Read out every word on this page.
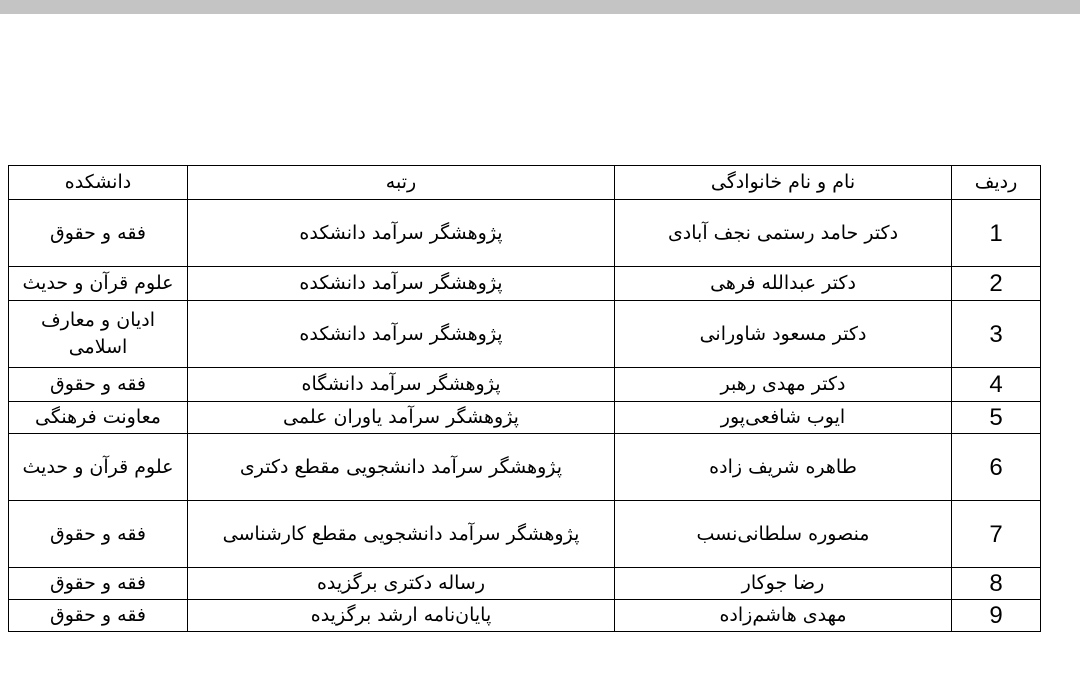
ردیف	نام و نام خانوادگی	رتبه	دانشکده
1	دکتر حامد رستمی نجف آبادی	پژوهشگر سرآمد دانشکده	فقه و حقوق
2	دکتر عبدالله فرهی	پژوهشگر سرآمد دانشکده	علوم قرآن و حدیث
3	دکتر مسعود شاورانی	پژوهشگر سرآمد دانشکده	ادیان و معارف اسلامی
4	دکتر مهدی رهبر	پژوهشگر سرآمد دانشگاه	فقه و حقوق
5	ایوب شافعی‌پور	پژوهشگر سرآمد یاوران علمی	معاونت فرهنگی
6	طاهره شریف زاده	پژوهشگر سرآمد دانشجویی مقطع دکتری	علوم قرآن و حدیث
7	منصوره سلطانی‌نسب	پژوهشگر سرآمد دانشجویی مقطع کارشناسی	فقه و حقوق
8	رضا جوکار	رساله دکتری برگزیده	فقه و حقوق
9	مهدی هاشم‌زاده	پایان‌نامه ارشد برگزیده	فقه و حقوق
